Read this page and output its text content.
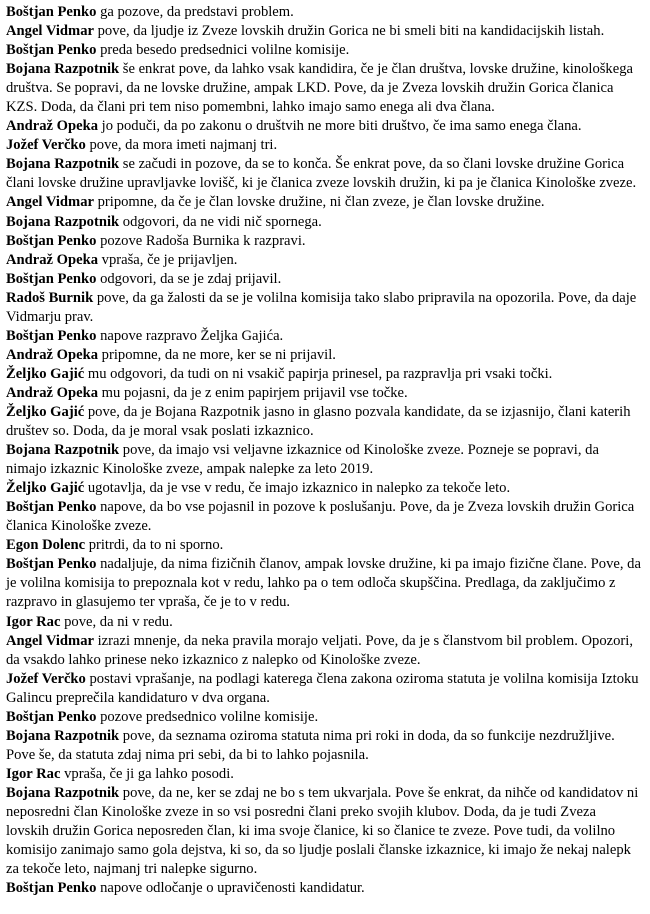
Boštjan Penko ga pozove, da predstavi problem.

Angel Vidmar pove, da ljudje iz Zveze lovskih družin Gorica ne bi smeli biti na kandidacijskih listah.

Boštjan Penko preda besedo predsednici volilne komisije.

Bojana Razpotnik še enkrat pove, da lahko vsak kandidira, če je član društva, lovske družine, kinološkega društva. Se popravi, da ne lovske družine, ampak LKD. Pove, da je Zveza lovskih družin Gorica članica KZS. Doda, da člani pri tem niso pomembni, lahko imajo samo enega ali dva člana.

Andraž Opeka jo poduči, da po zakonu o društvih ne more biti društvo, če ima samo enega člana.

Jožef Verčko pove, da mora imeti najmanj tri.

Bojana Razpotnik se začudi in pozove, da se to konča. Še enkrat pove, da so člani lovske družine Gorica člani lovske družine upravljavke lovišč, ki je članica zveze lovskih družin, ki pa je članica Kinološke zveze.

Angel Vidmar pripomne, da če je član lovske družine, ni član zveze, je član lovske družine.

Bojana Razpotnik odgovori, da ne vidi nič spornega.

Boštjan Penko pozove Radoša Burnika k razpravi.

Andraž Opeka vpraša, če je prijavljen.

Boštjan Penko odgovori, da se je zdaj prijavil.

Radoš Burnik pove, da ga žalosti da se je volilna komisija tako slabo pripravila na opozorila. Pove, da daje Vidmarju prav.

Boštjan Penko napove razpravo Željka Gajića.

Andraž Opeka pripomne, da ne more, ker se ni prijavil.

Željko Gajić mu odgovori, da tudi on ni vsakič papirja prinesel, pa razpravlja pri vsaki točki.

Andraž Opeka mu pojasni, da je z enim papirjem prijavil vse točke.

Željko Gajić pove, da je Bojana Razpotnik jasno in glasno pozvala kandidate, da se izjasnijo, člani katerih društev so. Doda, da je moral vsak poslati izkaznico.

Bojana Razpotnik pove, da imajo vsi veljavne izkaznice od Kinološke zveze. Pozneje se popravi, da nimajo izkaznic Kinološke zveze, ampak nalepke za leto 2019.

Željko Gajić ugotavlja, da je vse v redu, če imajo izkaznico in nalepko za tekoče leto.

Boštjan Penko napove, da bo vse pojasnil in pozove k poslušanju. Pove, da je Zveza lovskih družin Gorica članica Kinološke zveze.

Egon Dolenc pritrdi, da to ni sporno.

Boštjan Penko nadaljuje, da nima fizičnih članov, ampak lovske družine, ki pa imajo fizične člane. Pove, da je volilna komisija to prepoznala kot v redu, lahko pa o tem odloča skupščina. Predlaga, da zaključimo z razpravo in glasujemo ter vpraša, če je to v redu.

Igor Rac pove, da ni v redu.

Angel Vidmar izrazi mnenje, da neka pravila morajo veljati. Pove, da je s članstvom bil problem. Opozori, da vsakdo lahko prinese neko izkaznico z nalepko od Kinološke zveze.

Jožef Verčko postavi vprašanje, na podlagi katerega člena zakona oziroma statuta je volilna komisija Iztoku Galincu preprečila kandidaturo v dva organa.

Boštjan Penko pozove predsednico volilne komisije.

Bojana Razpotnik pove, da seznama oziroma statuta nima pri roki in doda, da so funkcije nezdružljive. Pove še, da statuta zdaj nima pri sebi, da bi to lahko pojasnila.

Igor Rac vpraša, če ji ga lahko posodi.

Bojana Razpotnik pove, da ne, ker se zdaj ne bo s tem ukvarjala. Pove še enkrat, da nihče od kandidatov ni neposredni član Kinološke zveze in so vsi posredni člani preko svojih klubov. Doda, da je tudi Zveza lovskih družin Gorica neposreden član, ki ima svoje članice, ki so članice te zveze. Pove tudi, da volilno komisijo zanimajo samo gola dejstva, ki so, da so ljudje poslali članske izkaznice, ki imajo že nekaj nalepk za tekoče leto, najmanj tri nalepke sigurno.

Boštjan Penko napove odločanje o upravičenosti kandidatur.
